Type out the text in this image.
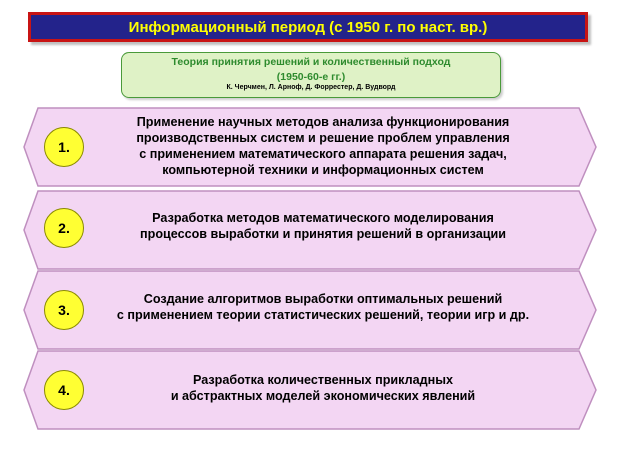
Информационный период (с 1950 г. по наст. вр.)
Теория принятия решений и количественный подход
(1950-60-е гг.)
К. Черчмен, Л. Арноф, Д. Форрестер, Д. Вудворд
1.
Применение научных методов анализа функционирования
производственных систем и решение проблем управления
с применением математического аппарата решения задач,
компьютерной техники и информационных систем
2.
Разработка методов математического моделирования
процессов выработки и принятия решений в организации
3.
Создание алгоритмов выработки оптимальных решений
с применением теории статистических решений, теории игр и др.
4.
Разработка количественных прикладных
и абстрактных моделей экономических явлений
